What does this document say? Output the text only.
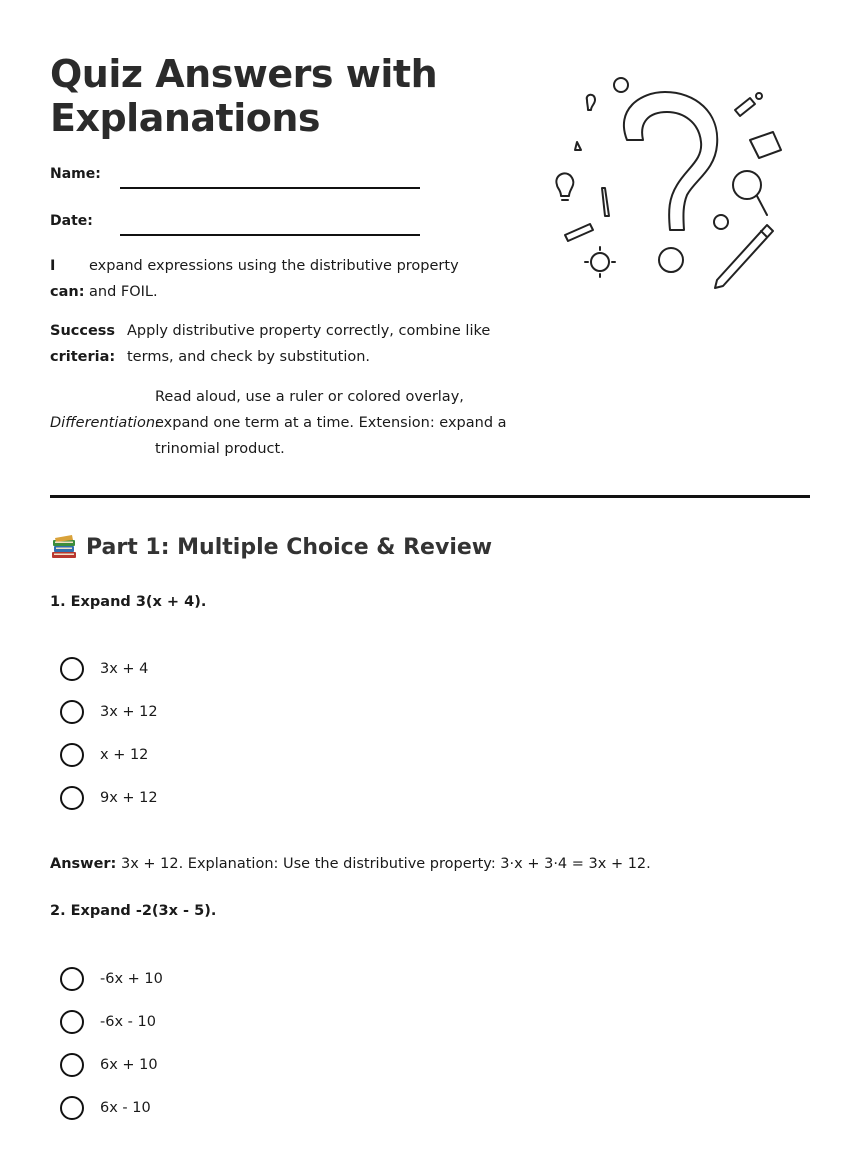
Quiz Answers with Explanations
Name:
Date:
I can:
expand expressions using the distributive property and FOIL.
Success criteria:
Apply distributive property correctly, combine like terms, and check by substitution.
Differentiation:
Read aloud, use a ruler or colored overlay, expand one term at a time. Extension: expand a trinomial product.
Part 1: Multiple Choice & Review
1. Expand 3(x + 4).
3x + 4
3x + 12
x + 12
9x + 12
Answer: 3x + 12. Explanation: Use the distributive property: 3·x + 3·4 = 3x + 12.
2. Expand -2(3x - 5).
-6x + 10
-6x - 10
6x + 10
6x - 10
